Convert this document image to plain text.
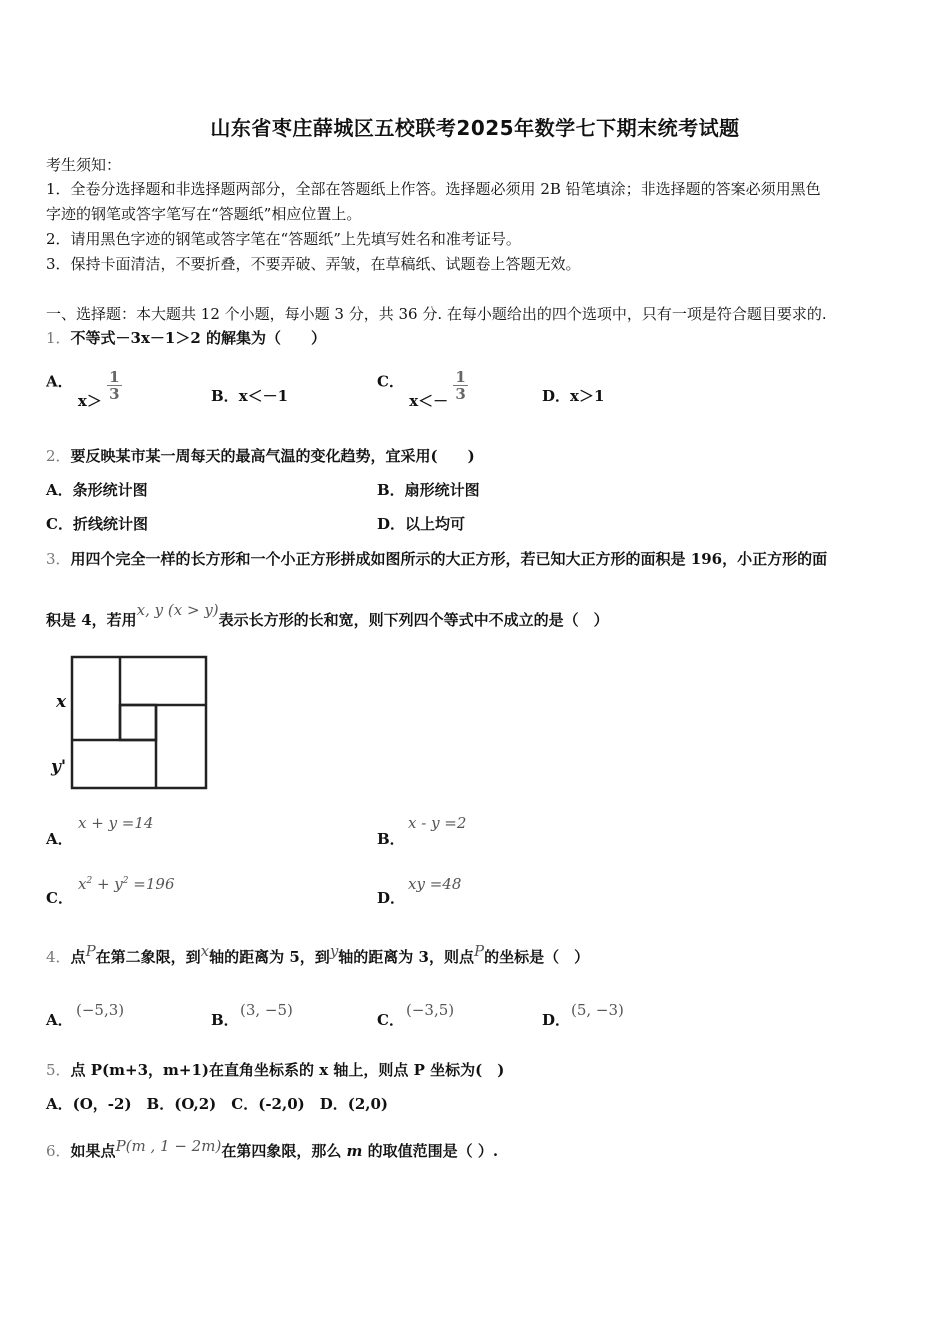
山东省枣庄薛城区五校联考2025年数学七下期末统考试题
考生须知：
1．全卷分选择题和非选择题两部分，全部在答题纸上作答。选择题必须用 2B 铅笔填涂；非选择题的答案必须用黑色
字迹的钢笔或答字笔写在“答题纸”相应位置上。
2．请用黑色字迹的钢笔或答字笔在“答题纸”上先填写姓名和准考证号。
3．保持卡面清洁，不要折叠，不要弄破、弄皱，在草稿纸、试题卷上答题无效。
一、选择题：本大题共 12 个小题，每小题 3 分，共 36 分. 在每小题给出的四个选项中，只有一项是符合题目要求的.
1．不等式－3x－1＞2 的解集为（　　）
A． $x> \frac{1}{3}$	B．x＜－1
C． $x<- \frac{1}{3}$	D．x＞1
2．要反映某市某一周每天的最高气温的变化趋势，宜采用(　　)
A．条形统计图	B．扇形统计图
C．折线统计图	D．以上均可
3．用四个完全一样的长方形和一个小正方形拼成如图所示的大正方形，若已知大正方形的面积是 196，小正方形的面
积是 4，若用x, y (x > y)表示长方形的长和宽，则下列四个等式中不成立的是（　）
x
y'
A．
x + y =14
B．
x - y =2
C．
$x^2 + y^2 =196$
D．
xy =48
4．点P在第二象限，到x轴的距离为 5，到y轴的距离为 3，则点P的坐标是（　）
A．
(−5,3)
B．
(3, −5)
C．
(−3,5)
D．
(5, −3)
5．点 P(m+3，m+1)在直角坐标系的 x 轴上，则点 P 坐标为(　)
A．(O，-2)　B．(O,2)　C．(-2,0)　D．(2,0)
6．如果点P(m , 1 − 2m)在第四象限，那么 m 的取值范围是（ ）.
